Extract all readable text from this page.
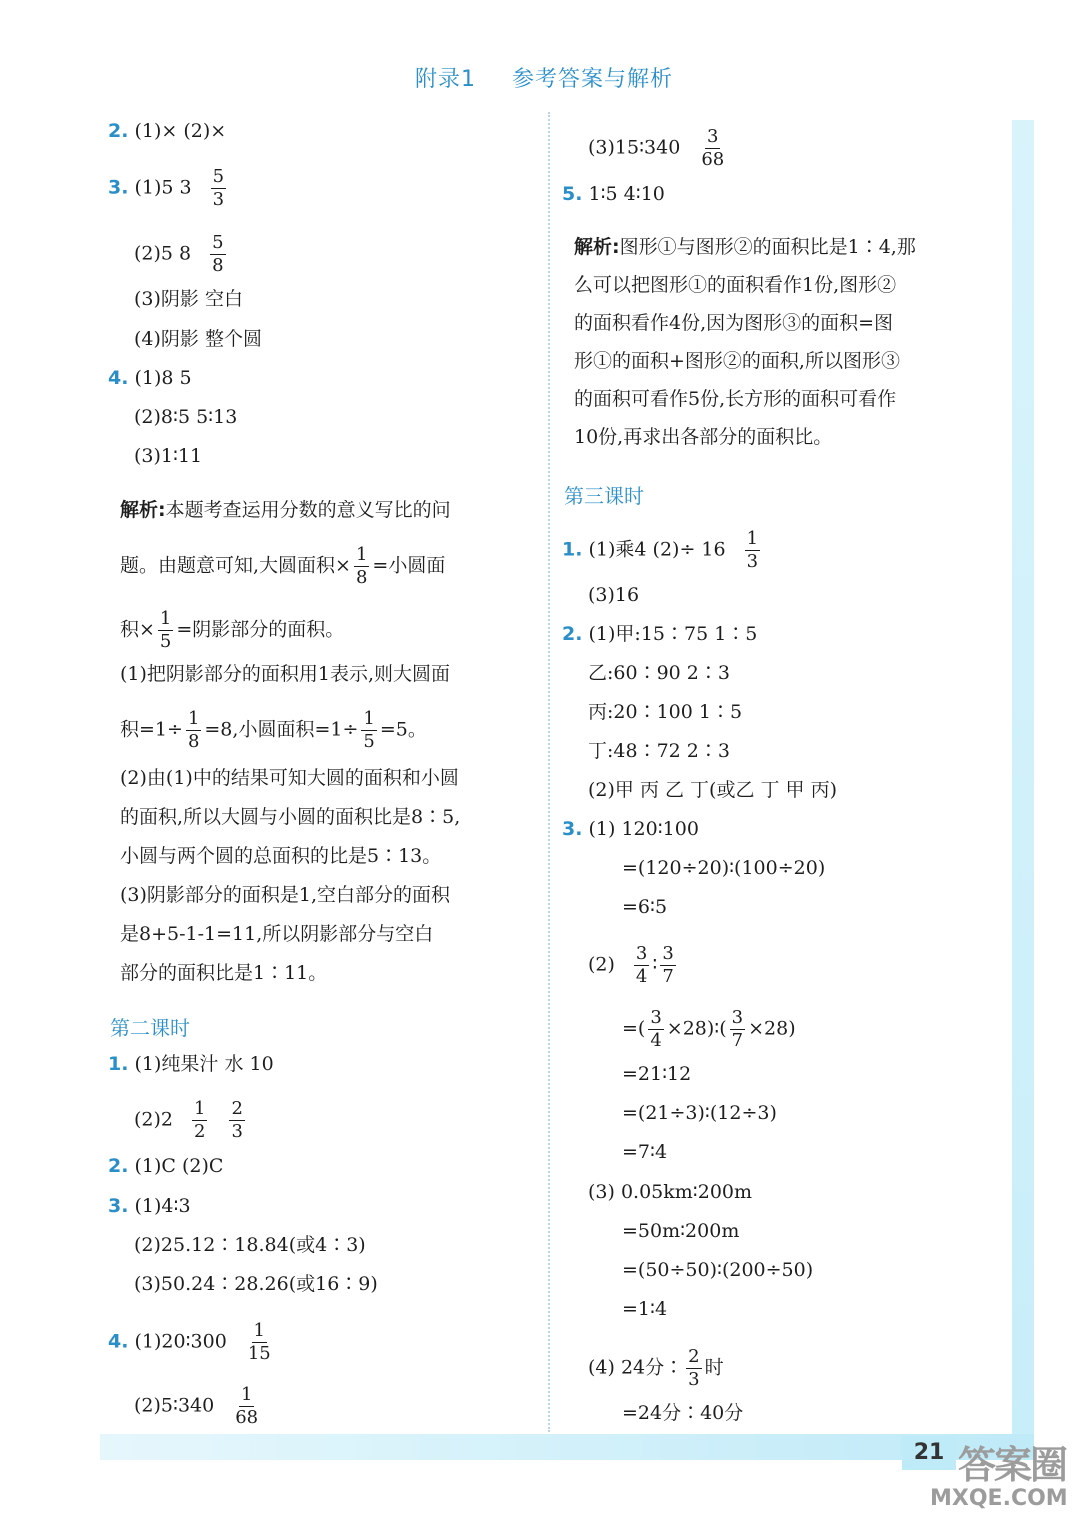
附录1 参考答案与解析
21 答案圈
MXQE.COM
2. (1)× (2)×
3. (1)5 $3 \frac{5}{3}$
(2)5 $8 \frac{5}{8}$
(3)阴影 空白
(4)阴影 整个圆
4. (1)8 5
(2)8∶5 5∶13
(3)1∶11
解析:本题考查运用分数的意义写比的问
题。由题意可知,大圆面积× $\frac{1}{8}$ =小圆面
积× $\frac{1}{5}$ =阴影部分的面积。
(1)把阴影部分的面积用1表示,则大圆面
积$=1\div \frac{1}{8} =8$,小圆面积$=1\div \frac{1}{5} =5$。
(2)由(1)中的结果可知大圆的面积和小圆
的面积,所以大圆与小圆的面积比是8∶5,
小圆与两个圆的总面积的比是5∶13。
(3)阴影部分的面积是1,空白部分的面积
是8+5-1-1=11,所以阴影部分与空白
部分的面积比是1∶11。
第二课时
1. (1)纯果汁 水 10
$(2)2 \frac{1}{2} \frac{2}{3}$
2. (1)C (2)C
3. (1)4∶3
(2)25.12∶18.84(或4∶3)
(3)50.24∶28.26(或16∶9)
4. (1)20∶300 $\frac{1}{15}$
(2)5∶340 $\frac{1}{68}$
(3)15∶340 $\frac{3}{68}$
5. 1∶5 4∶10
解析:图形①与图形②的面积比是1∶4,那
么可以把图形①的面积看作1份,图形②
的面积看作4份,因为图形③的面积=图
形①的面积+图形②的面积,所以图形③
的面积可看作5份,长方形的面积可看作
10份,再求出各部分的面积比。
第三课时
1. (1)乘4 $(2)\div 16 \frac{1}{3}$
(3)16
2. (1)甲:15∶75 1∶5
乙:60∶90 2∶3
丙:20∶100 1∶5
丁:48∶72 2∶3
(2)甲 丙 乙 丁(或乙 丁 甲 丙)
3. (1) 120∶100
=(120÷20)∶(100÷20)
=6∶5
$(2) \frac{3}{4}$ ∶ $\frac{3}{7}$
=( $\frac{3}{4}$ ×28)∶( $\frac{3}{7} \times 28$)
=21∶12
=(21÷3)∶(12÷3)
=7∶4
(3) 0.05km∶200m
=50m∶200m
=(50÷50)∶(200÷50)
=1∶4
(4) 24分∶ $\frac{2}{3}$ 时
=24分∶40分
